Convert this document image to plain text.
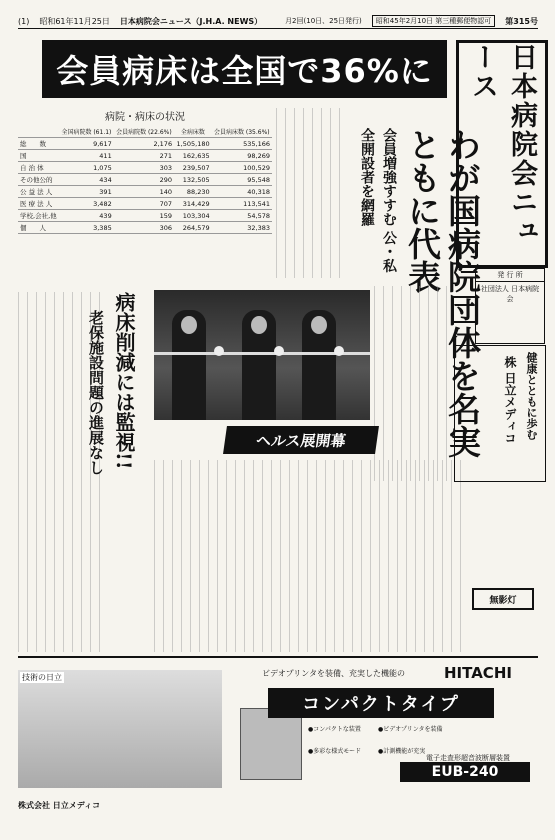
(1) 昭和61年11月25日 日本病院会ニュース（J.H.A. NEWS）	月2回(10日、25日発行)	昭和45年2月10日 第三種郵便物認可	第315号
会員病床は全国で36%に	日本病院会ニュース
わが国病院団体を名実ともに代表
会員増強すすむ 公・私全開設者を網羅
病院・病床の状況
	全国病院数 (61.1)	会員病院数 (22.6%)	全病床数	会員病床数 (35.6%)
総　　数	9,617	2,176	1,505,180	535,166
国	411	271	162,635	98,269
自 治 体	1,075	303	239,507	100,529
その他公的	434	290	132,505	95,548
公 益 法 人	391	140	88,230	40,318
医 療 法 人	3,482	707	314,429	113,541
学校,会社,他	439	159	103,304	54,578
個　　人	3,385	306	264,579	32,383
病床削減には監視!!
老保施設問題の進展なし	ヘルス展開幕
発 行 所
社団法人 日本病院会
健康とともに歩む
株 日立メディコ
無影灯
技術の日立	ビデオプリンタを装備、充実した機能の	HITACHI
コンパクトタイプ
●コンパクトな装置
●多彩な様式モード
●ビデオプリンタを装備
●計測機能が充実
電子走査形超音波断層装置
EUB-240
株式会社 日立メディコ
